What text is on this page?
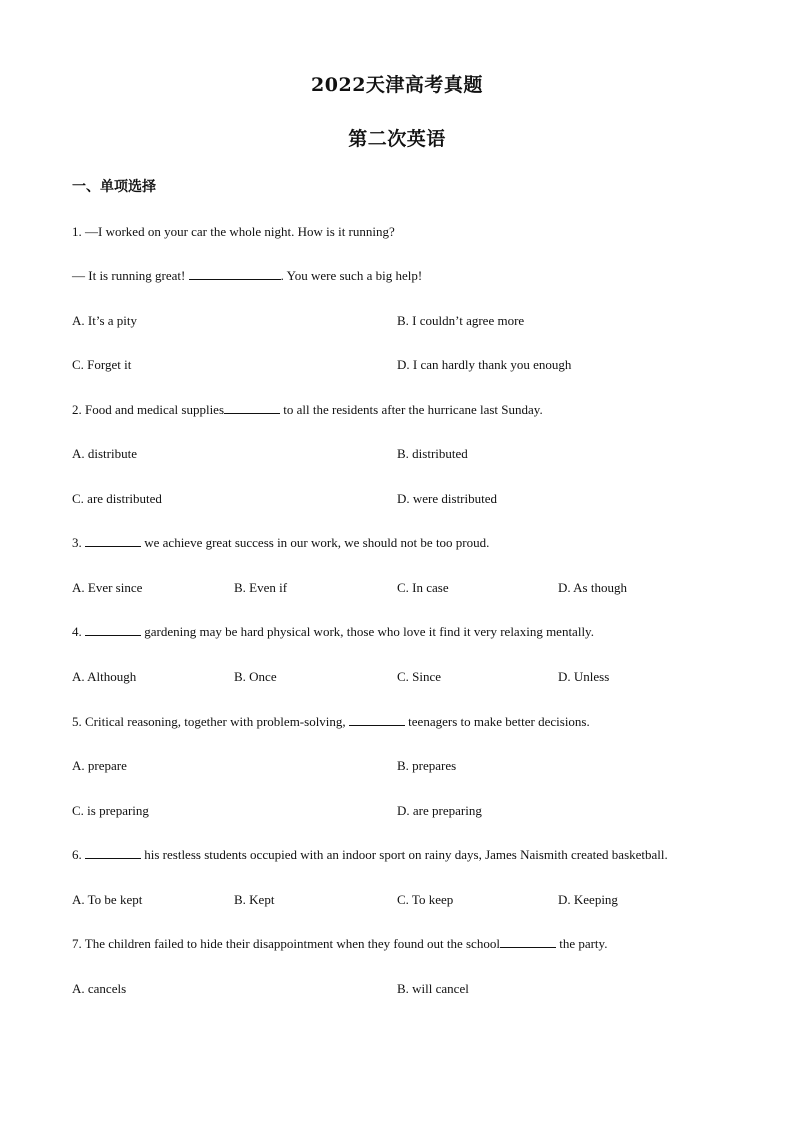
2022天津高考真题
第二次英语
一、单项选择
1. —I worked on your car the whole night. How is it running?
— It is running great!	. You were such a big help!
A. It’s a pity	B. I couldn’t agree more
C. Forget it	D. I can hardly thank you enough
2. Food and medical supplies	to all the residents after the hurricane last Sunday.
A. distribute	B. distributed
C. are distributed	D. were distributed
3.	we achieve great success in our work, we should not be too proud.
A. Ever since	B. Even if	C. In case	D. As though
4.	gardening may be hard physical work, those who love it find it very relaxing mentally.
A. Although	B. Once	C. Since	D. Unless
5. Critical reasoning, together with problem-solving,	teenagers to make better decisions.
A. prepare	B. prepares
C. is preparing	D. are preparing
6.	his restless students occupied with an indoor sport on rainy days, James Naismith created basketball.
A. To be kept	B. Kept	C. To keep	D. Keeping
7. The children failed to hide their disappointment when they found out the school	the party.
A. cancels	B. will cancel
